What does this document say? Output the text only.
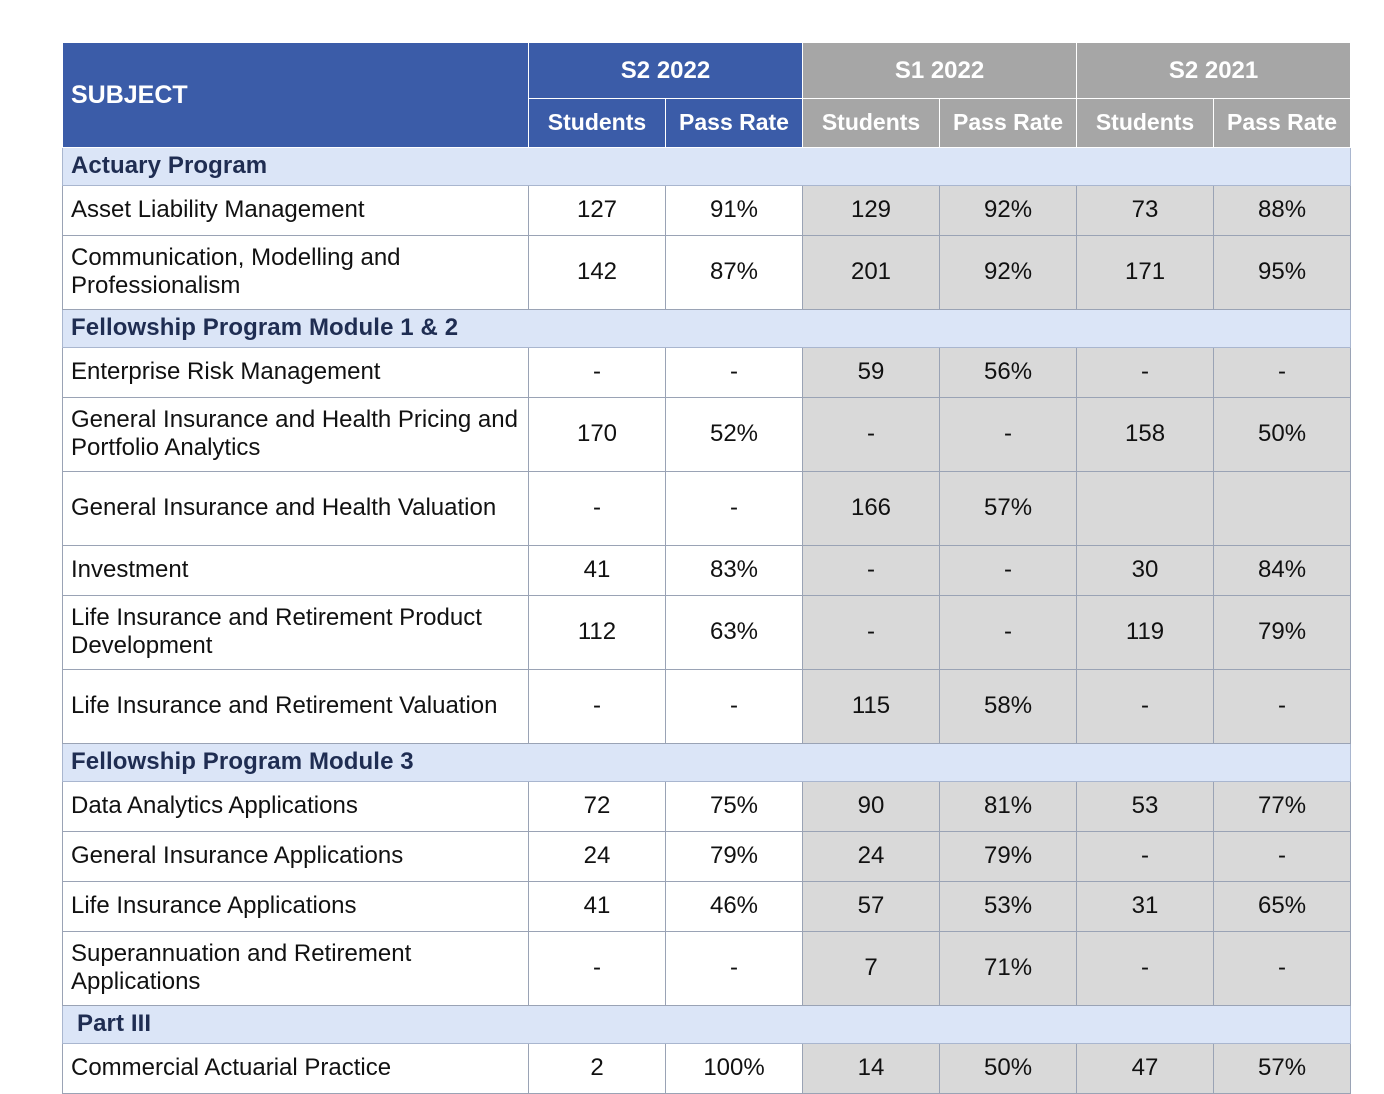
SUBJECT	S2 2022		S1 2022		S2 2021	
	Students	Pass Rate	Students	Pass Rate	Students	Pass Rate
Actuary Program						
Asset Liability Management	127	91%	129	92%	73	88%
Communication, Modelling and Professionalism	142	87%	201	92%	171	95%
Fellowship Program Module 1 & 2						
Enterprise Risk Management	-	-	59	56%	-	-
General Insurance and Health Pricing and Portfolio Analytics	170	52%	-	-	158	50%
General Insurance and Health Valuation	-	-	166	57%		
Investment	41	83%	-	-	30	84%
Life Insurance and Retirement Product Development	112	63%	-	-	119	79%
Life Insurance and Retirement Valuation	-	-	115	58%	-	-
Fellowship Program Module 3						
Data Analytics Applications	72	75%	90	81%	53	77%
General Insurance Applications	24	79%	24	79%	-	-
Life Insurance Applications	41	46%	57	53%	31	65%
Superannuation and Retirement Applications	-	-	7	71%	-	-
Part III						
Commercial Actuarial Practice	2	100%	14	50%	47	57%
